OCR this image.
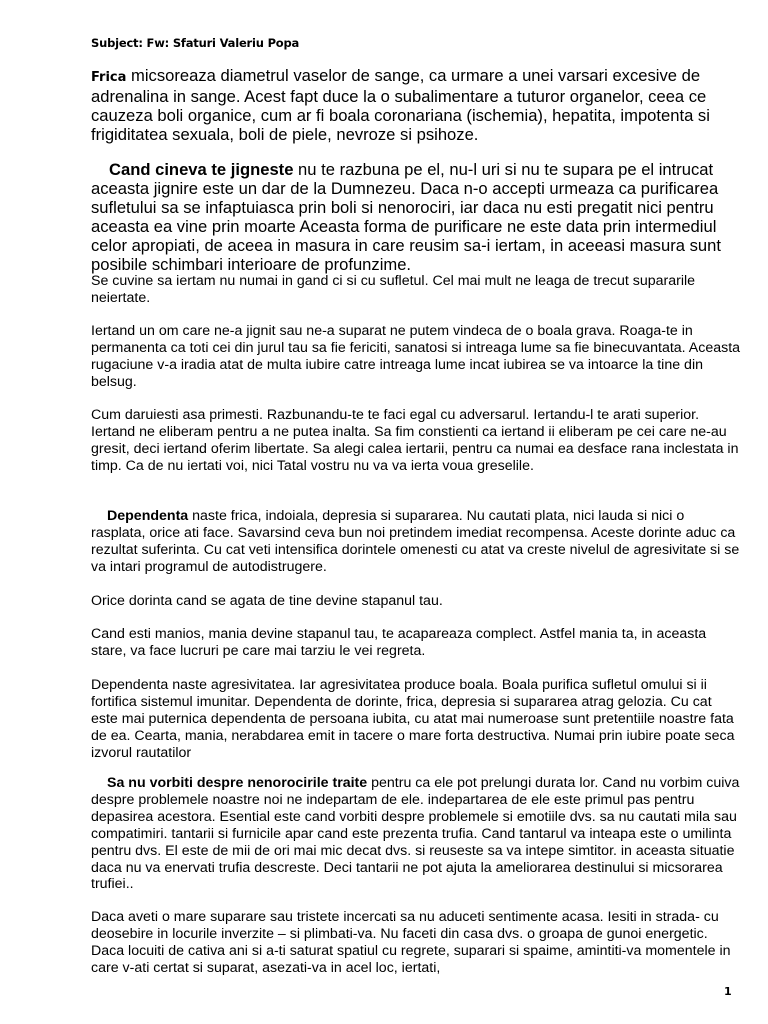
Subject: Fw: Sfaturi Valeriu Popa

Frica micsoreaza diametrul vaselor de sange, ca urmare a unei varsari excesive de adrenalina in sange. Acest fapt duce la o subalimentare a tuturor organelor, ceea ce cauzeza boli organice, cum ar fi boala coronariana (ischemia), hepatita, impotenta si frigiditatea sexuala, boli de piele, nevroze si psihoze.

Cand cineva te jigneste nu te razbuna pe el, nu-l uri si nu te supara pe el intrucat aceasta jignire este un dar de la Dumnezeu. Daca n-o accepti urmeaza ca purificarea sufletului sa se infaptuiasca prin boli si nenorociri, iar daca nu esti pregatit nici pentru aceasta ea vine prin moarte Aceasta forma de purificare ne este data prin intermediul celor apropiati, de aceea in masura in care reusim sa-i iertam, in aceeasi masura sunt posibile schimbari interioare de profunzime.

Se cuvine sa iertam nu numai in gand ci si cu sufletul. Cel mai mult ne leaga de trecut supararile neiertate.

Iertand un om care ne-a jignit sau ne-a suparat ne putem vindeca de o boala grava. Roaga-te in permanenta ca toti cei din jurul tau sa fie fericiti, sanatosi si intreaga lume sa fie binecuvantata. Aceasta rugaciune v-a iradia atat de multa iubire catre intreaga lume incat iubirea se va intoarce la tine din belsug.

Cum daruiesti asa primesti. Razbunandu-te te faci egal cu adversarul. Iertandu-l te arati superior. Iertand ne eliberam pentru a ne putea inalta. Sa fim constienti ca iertand ii eliberam pe cei care ne-au gresit, deci iertand oferim libertate. Sa alegi calea iertarii, pentru ca numai ea desface rana inclestata in timp. Ca de nu iertati voi, nici Tatal vostru nu va va ierta voua greselile.

Dependenta naste frica, indoiala, depresia si supararea. Nu cautati plata, nici lauda si nici o rasplata, orice ati face. Savarsind ceva bun noi pretindem imediat recompensa. Aceste dorinte aduc ca rezultat suferinta. Cu cat veti intensifica dorintele omenesti cu atat va creste nivelul de agresivitate si se va intari programul de autodistrugere.

Orice dorinta cand se agata de tine devine stapanul tau.

Cand esti manios, mania devine stapanul tau, te acapareaza complect. Astfel mania ta, in aceasta stare, va face lucruri pe care mai tarziu le vei regreta.

Dependenta naste agresivitatea. Iar agresivitatea produce boala. Boala purifica sufletul omului si ii fortifica sistemul imunitar. Dependenta de dorinte, frica, depresia si supararea atrag gelozia. Cu cat este mai puternica dependenta de persoana iubita, cu atat mai numeroase sunt pretentiile noastre fata de ea. Cearta, mania, nerabdarea emit in tacere o mare forta destructiva. Numai prin iubire poate seca izvorul rautatilor

Sa nu vorbiti despre nenorocirile traite pentru ca ele pot prelungi durata lor. Cand nu vorbim cuiva despre problemele noastre noi ne indepartam de ele. indepartarea de ele este primul pas pentru depasirea acestora. Esential este cand vorbiti despre problemele si emotiile dvs. sa nu cautati mila sau compatimiri. tantarii si furnicile apar cand este prezenta trufia. Cand tantarul va inteapa este o umilinta pentru dvs. El este de mii de ori mai mic decat dvs. si reuseste sa va intepe simtitor. in aceasta situatie daca nu va enervati trufia descreste. Deci tantarii ne pot ajuta la ameliorarea destinului si micsorarea trufiei..

Daca aveti o mare suparare sau tristete incercati sa nu aduceti sentimente acasa. Iesiti in strada- cu deosebire in locurile inverzite – si plimbati-va. Nu faceti din casa dvs. o groapa de gunoi energetic. Daca locuiti de cativa ani si a-ti saturat spatiul cu regrete, suparari si spaime, amintiti-va momentele in care v-ati certat si suparat, asezati-va in acel loc, iertati,

1
